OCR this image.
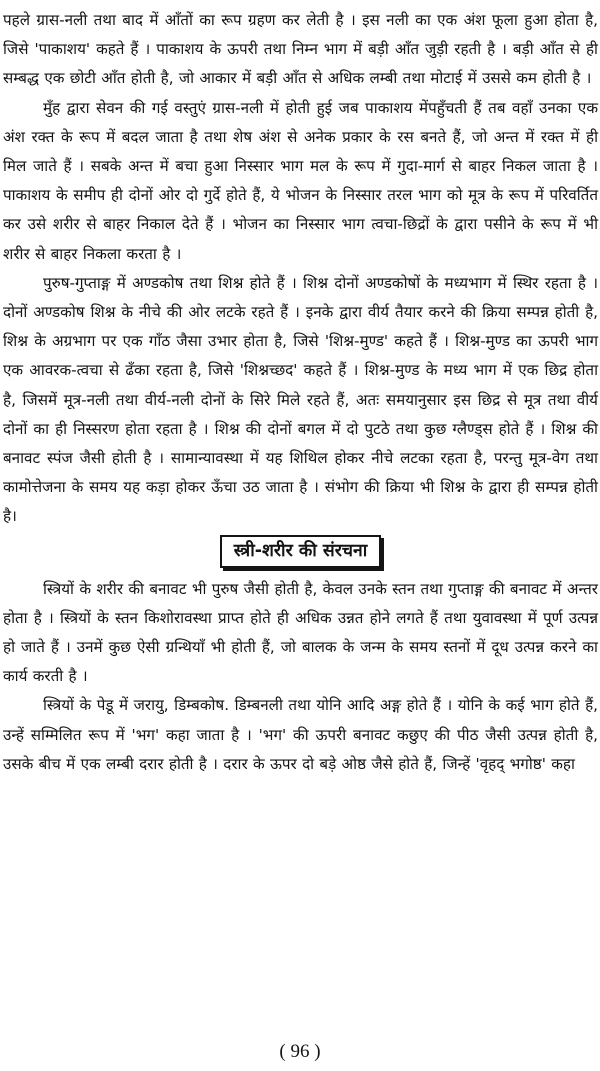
पहले ग्रास-नली तथा बाद में आँतों का रूप ग्रहण कर लेती है । इस नली का एक अंश फूला हुआ होता है, जिसे 'पाकाशय' कहते हैं । पाकाशय के ऊपरी तथा निम्न भाग में बड़ी आँत जुड़ी रहती है । बड़ी आँत से ही सम्बद्ध एक छोटी आँत होती है, जो आकार में बड़ी आँत से अधिक लम्बी तथा मोटाई में उससे कम होती है ।

मुँह द्वारा सेवन की गई वस्तुएं ग्रास-नली में होती हुई जब पाकाशय मेंपहुँचती हैं तब वहाँ उनका एक अंश रक्त के रूप में बदल जाता है तथा शेष अंश से अनेक प्रकार के रस बनते हैं, जो अन्त में रक्त में ही मिल जाते हैं । सबके अन्त में बचा हुआ निस्सार भाग मल के रूप में गुदा-मार्ग से बाहर निकल जाता है । पाकाशय के समीप ही दोनों ओर दो गुर्दे होते हैं, ये भोजन के निस्सार तरल भाग को मूत्र के रूप में परिवर्तित कर उसे शरीर से बाहर निकाल देते हैं । भोजन का निस्सार भाग त्वचा-छिद्रों के द्वारा पसीने के रूप में भी शरीर से बाहर निकला करता है ।

पुरुष-गुप्ताङ्ग में अण्डकोष तथा शिश्न होते हैं । शिश्न दोनों अण्डकोषों के मध्यभाग में स्थिर रहता है । दोनों अण्डकोष शिश्न के नीचे की ओर लटके रहते हैं । इनके द्वारा वीर्य तैयार करने की क्रिया सम्पन्न होती है, शिश्न के अग्रभाग पर एक गाँठ जैसा उभार होता है, जिसे 'शिश्न-मुण्ड' कहते हैं । शिश्न-मुण्ड का ऊपरी भाग एक आवरक-त्वचा से ढँका रहता है, जिसे 'शिश्नच्छद' कहते हैं । शिश्न-मुण्ड के मध्य भाग में एक छिद्र होता है, जिसमें मूत्र-नली तथा वीर्य-नली दोनों के सिरे मिले रहते हैं, अतः समयानुसार इस छिद्र से मूत्र तथा वीर्य दोनों का ही निस्सरण होता रहता है । शिश्न की दोनों बगल में दो पुटठे तथा कुछ ग्लैण्ड्स होते हैं । शिश्न की बनावट स्पंज जैसी होती है । सामान्यावस्था में यह शिथिल होकर नीचे लटका रहता है, परन्तु मूत्र-वेग तथा कामोत्तेजना के समय यह कड़ा होकर ऊँचा उठ जाता है । संभोग की क्रिया भी शिश्न के द्वारा ही सम्पन्न होती है।

स्त्री-शरीर की संरचना

स्त्रियों के शरीर की बनावट भी पुरुष जैसी होती है, केवल उनके स्तन तथा गुप्ताङ्ग की बनावट में अन्तर होता है । स्त्रियों के स्तन किशोरावस्था प्राप्त होते ही अधिक उन्नत होने लगते हैं तथा युवावस्था में पूर्ण उत्पन्न हो जाते हैं । उनमें कुछ ऐसी ग्रन्थियाँ भी होती हैं, जो बालक के जन्म के समय स्तनों में दूध उत्पन्न करने का कार्य करती है ।

स्त्रियों के पेडू में जरायु, डिम्बकोष. डिम्बनली तथा योनि आदि अङ्ग होते हैं । योनि के कई भाग होते हैं, उन्हें सम्मिलित रूप में 'भग' कहा जाता है । 'भग' की ऊपरी बनावट कछुए की पीठ जैसी उत्पन्न होती है, उसके बीच में एक लम्बी दरार होती है । दरार के ऊपर दो बड़े ओष्ठ जैसे होते हैं, जिन्हें 'वृहद् भगोष्ठ' कहा

( 96 )
